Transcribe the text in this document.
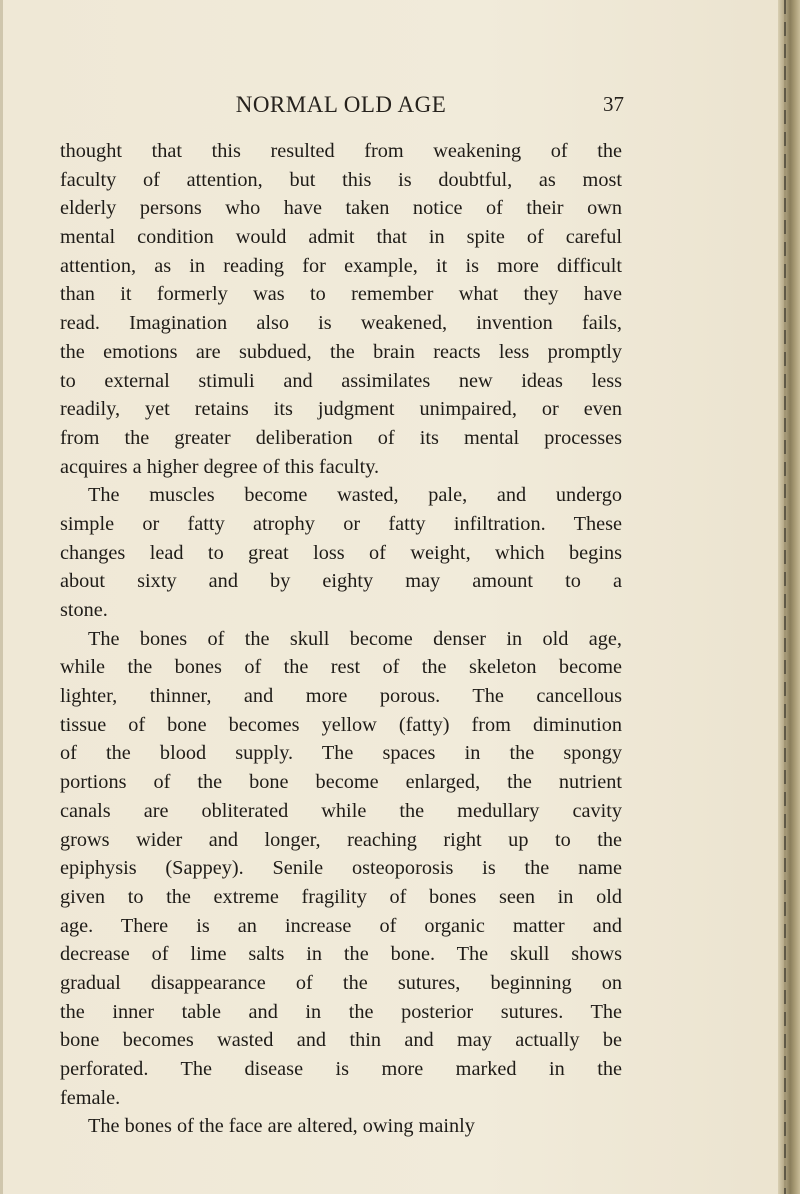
NORMAL OLD AGE	37
thought that this resulted from weakening of the
faculty of attention, but this is doubtful, as most
elderly persons who have taken notice of their own
mental condition would admit that in spite of careful
attention, as in reading for example, it is more difficult
than it formerly was to remember what they have
read. Imagination also is weakened, invention fails,
the emotions are subdued, the brain reacts less promptly
to external stimuli and assimilates new ideas less
readily, yet retains its judgment unimpaired, or even
from the greater deliberation of its mental processes
acquires a higher degree of this faculty.
The muscles become wasted, pale, and undergo
simple or fatty atrophy or fatty infiltration. These
changes lead to great loss of weight, which begins
about sixty and by eighty may amount to a
stone.
The bones of the skull become denser in old age,
while the bones of the rest of the skeleton become
lighter, thinner, and more porous. The cancellous
tissue of bone becomes yellow (fatty) from diminution
of the blood supply. The spaces in the spongy
portions of the bone become enlarged, the nutrient
canals are obliterated while the medullary cavity
grows wider and longer, reaching right up to the
epiphysis (Sappey). Senile osteoporosis is the name
given to the extreme fragility of bones seen in old
age. There is an increase of organic matter and
decrease of lime salts in the bone. The skull shows
gradual disappearance of the sutures, beginning on
the inner table and in the posterior sutures. The
bone becomes wasted and thin and may actually be
perforated. The disease is more marked in the
female.
The bones of the face are altered, owing mainly
